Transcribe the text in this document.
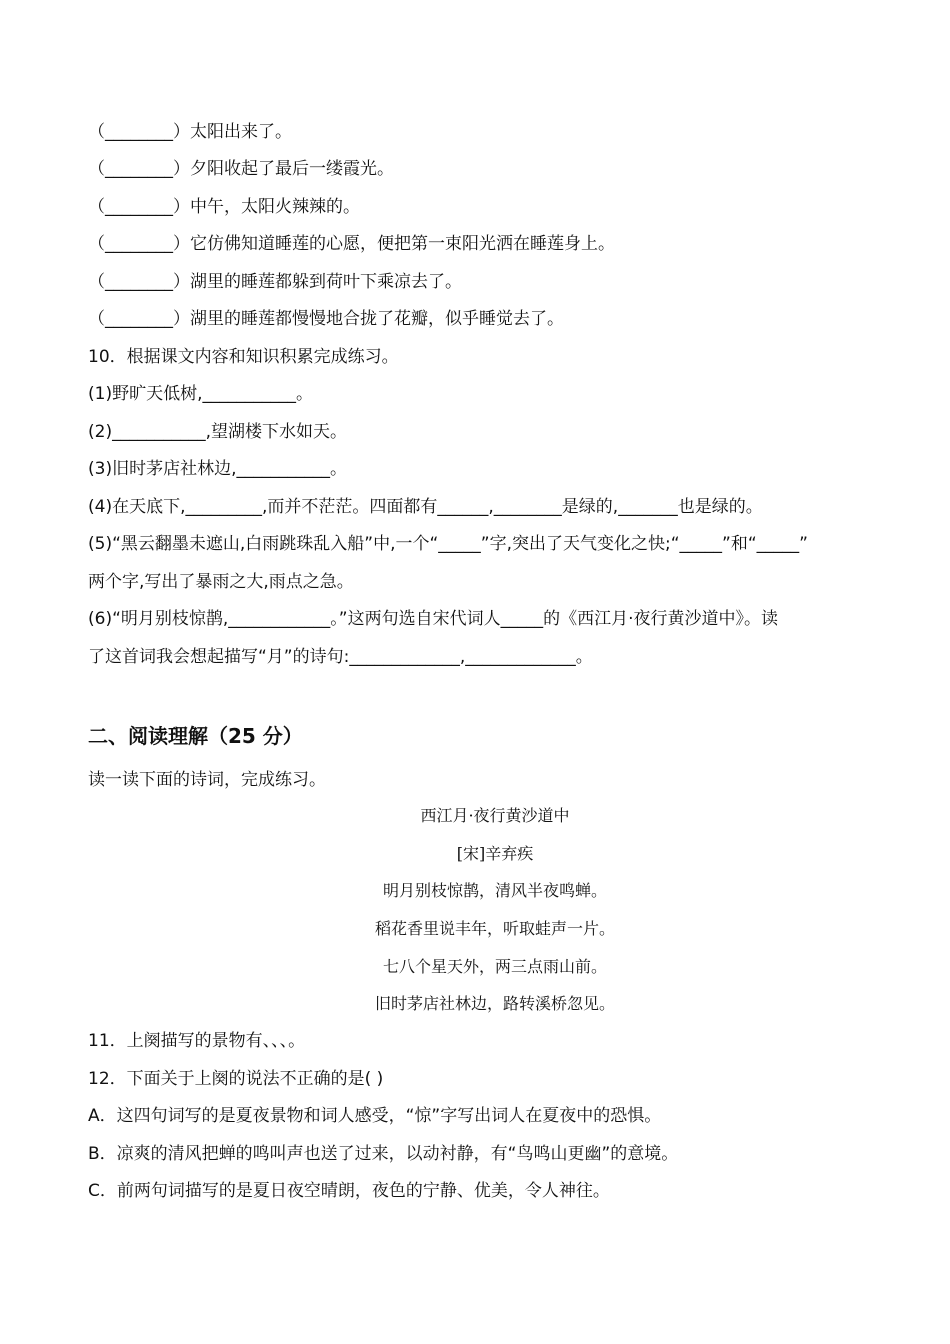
（________）太阳出来了。
（________）夕阳收起了最后一缕霞光。
（________）中午，太阳火辣辣的。
（________）它仿佛知道睡莲的心愿，便把第一束阳光洒在睡莲身上。
（________）湖里的睡莲都躲到荷叶下乘凉去了。
（________）湖里的睡莲都慢慢地合拢了花瓣，似乎睡觉去了。
10．根据课文内容和知识积累完成练习。
(1)野旷天低树,___________。
(2)___________,望湖楼下水如天。
(3)旧时茅店社林边,___________。
(4)在天底下,_________,而并不茫茫。四面都有______,________是绿的,_______也是绿的。
(5)“黑云翻墨未遮山,白雨跳珠乱入船”中,一个“_____”字,突出了天气变化之快;“_____”和“_____”
两个字,写出了暴雨之大,雨点之急。
(6)“明月别枝惊鹊,____________。”这两句选自宋代词人_____的《西江月·夜行黄沙道中》。读
了这首词我会想起描写“月”的诗句:_____________,_____________。
二、阅读理解（25 分）
读一读下面的诗词，完成练习。
西江月·夜行黄沙道中
[宋]辛弃疾
明月别枝惊鹊，清风半夜鸣蝉。
稻花香里说丰年，听取蛙声一片。
七八个星天外，两三点雨山前。
旧时茅店社林边，路转溪桥忽见。
11．上阕描写的景物有、、、。
12．下面关于上阕的说法不正确的是( )
A．这四句词写的是夏夜景物和词人感受，“惊”字写出词人在夏夜中的恐惧。
B．凉爽的清风把蝉的鸣叫声也送了过来，以动衬静，有“鸟鸣山更幽”的意境。
C．前两句词描写的是夏日夜空晴朗，夜色的宁静、优美，令人神往。
